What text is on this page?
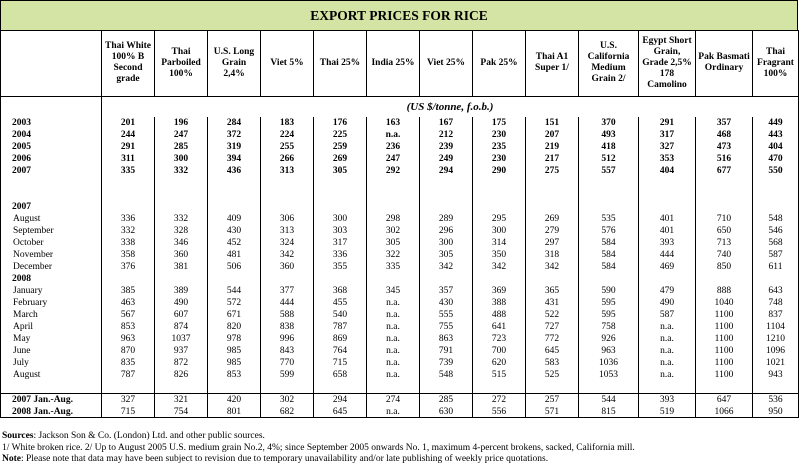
EXPORT PRICES FOR RICE
	Thai White 100% B Second grade	Thai Parboiled 100%	U.S. Long Grain 2,4%	Viet 5%	Thai 25%	India 25%	Viet 25%	Pak 25%	Thai A1 Super 1/	U.S. California Medium Grain 2/	Egypt Short Grain, Grade 2,5% 178 Camolino	Pak Basmati Ordinary	Thai Fragrant 100%
	(US $/tonne, f.o.b.)												
2003	201	196	284	183	176	163	167	175	151	370	291	357	449
2004	244	247	372	224	225	n.a.	212	230	207	493	317	468	443
2005	291	285	319	255	259	236	239	235	219	418	327	473	404
2006	311	300	394	266	269	247	249	230	217	512	353	516	470
2007	335	332	436	313	305	292	294	290	275	557	404	677	550

2007													
August	336	332	409	306	300	298	289	295	269	535	401	710	548
September	332	328	430	313	303	302	296	300	279	576	401	650	546
October	338	346	452	324	317	305	300	314	297	584	393	713	568
November	358	360	481	342	336	322	305	350	318	584	444	740	587
December	376	381	506	360	355	335	342	342	342	584	469	850	611
2008													
January	385	389	544	377	368	345	357	369	365	590	479	888	643
February	463	490	572	444	455	n.a.	430	388	431	595	490	1040	748
March	567	607	671	588	540	n.a.	555	488	522	595	587	1100	837
April	853	874	820	838	787	n.a.	755	641	727	758	n.a.	1100	1104
May	963	1037	978	996	869	n.a.	863	723	772	926	n.a.	1100	1210
June	870	937	985	843	764	n.a.	791	700	645	963	n.a.	1100	1096
July	835	872	985	770	715	n.a.	739	620	583	1036	n.a.	1100	1021
August	787	826	853	599	658	n.a.	548	515	525	1053	n.a.	1100	943

2007 Jan.-Aug.	327	321	420	302	294	274	285	272	257	544	393	647	536
2008 Jan.-Aug.	715	754	801	682	645	n.a.	630	556	571	815	519	1066	950
Sources: Jackson Son & Co. (London) Ltd. and other public sources.
1/ White broken rice. 2/ Up to August 2005 U.S. medium grain No.2, 4%; since September 2005 onwards No. 1, maximum 4-percent brokens, sacked, California mill.
Note: Please note that data may have been subject to revision due to temporary unavailability and/or late publishing of weekly price quotations.
